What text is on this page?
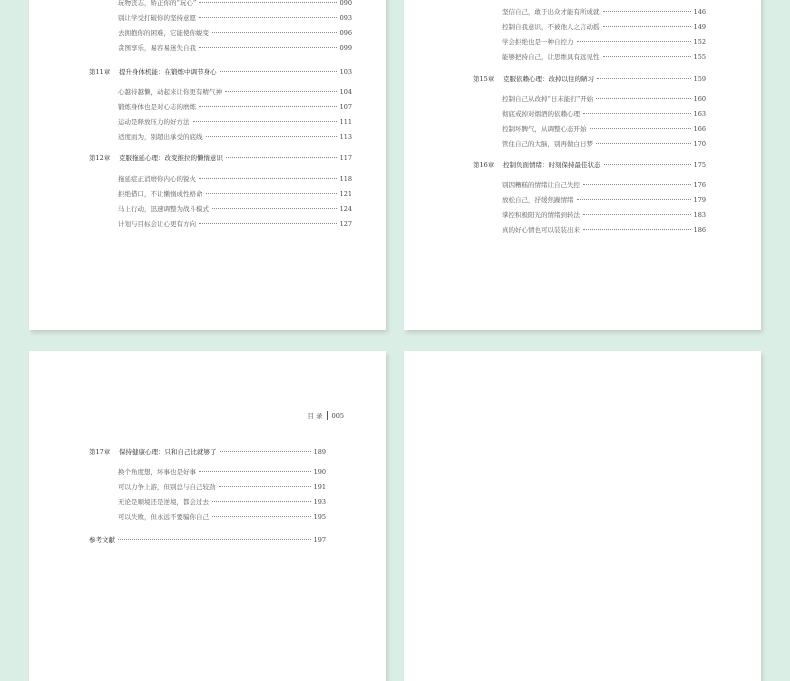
玩物丧志，矫正你的“玩心”	090
别让学受打破你的坚持意愿	093
去拥抱你的困难，它能使你蜕变	096
贪图享乐，易容易迷失自我	099
第11章	提升身体机能：在锻炼中调节身心	103
心越待越懒，动起来让你更有精气神	104
锻炼身体也是对心志的磨炼	107
运动是释放压力的好方法	111
适度而为，别超出承受的底线	113
第12章	克服拖延心理：改变推拉的懒惰意识	117
拖延症正消磨你内心的锐火	118
拒绝借口，不让懒惰成性格命	121
马上行动，迅速调整为战斗模式	124
计划与目标会让心更有方向	127
坚信自己，敢于出众才能有所成就	146
控制自我意识，不被他人之言动摇	149
学会拒绝也是一种自控力	152
能够把持自己，让思维具有远见性	155
第15章	克服依赖心理：改掉以往的陋习	159
控制自己从改掉“日末能打”开始	160
彻底戒掉对烟酒的依赖心理	163
控制坏脾气，从调整心态开始	166
管住自己的大脑，别再做白日梦	170
第16章	控制负面情绪：时刻保持最佳状态	175
别因糟糕的情绪让自己失控	176
放松自己，抒缓焦躁情绪	179
掌控积极阳光的情绪到转法	183
真的好心情也可以装装出来	186
目 录 005
第17章	保持健康心理：只和自己比就够了	189
换个角度想，坏事也是好事	190
可以力争上游，但别总与自己较劲	191
无论是顺境还是逆境，都会过去	193
可以失败，但永远不要骗你自己	195
参考文献	197
